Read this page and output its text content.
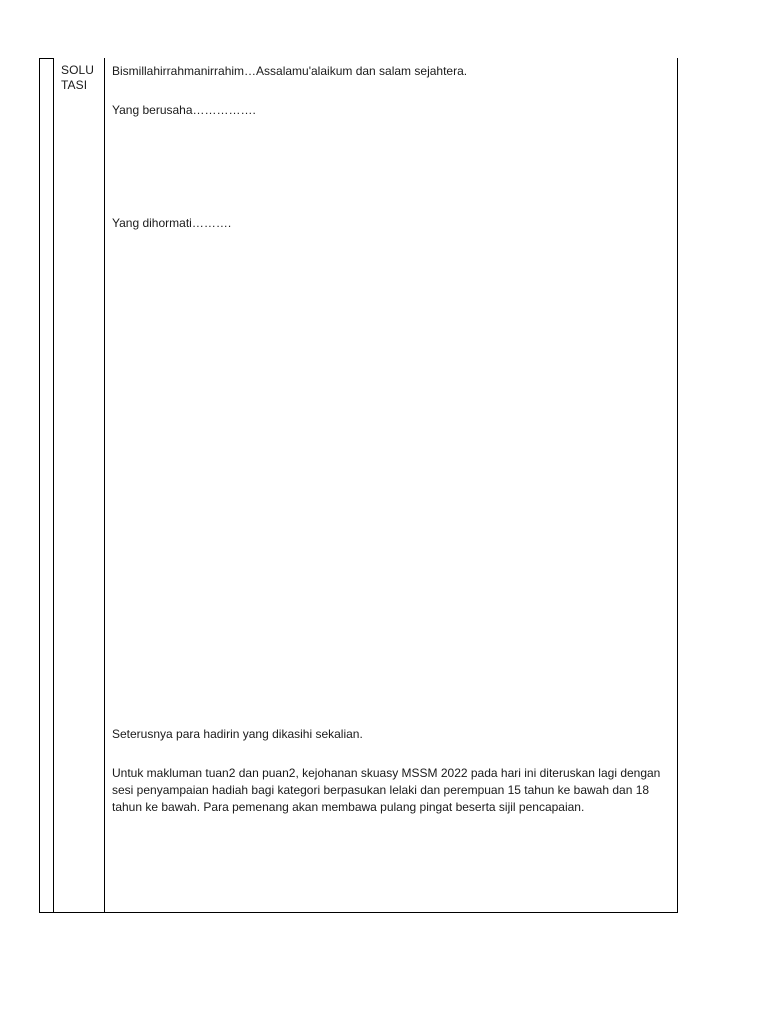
SOLU
TASI

Bismillahirrahmanirrahim…Assalamu'alaikum dan salam sejahtera.

Yang berusaha…………….

Yang dihormati……….

Seterusnya para hadirin yang dikasihi sekalian.

Untuk makluman tuan2 dan puan2, kejohanan skuasy MSSM 2022 pada hari ini diteruskan lagi dengan sesi penyampaian hadiah bagi kategori berpasukan lelaki dan perempuan 15 tahun ke bawah dan 18 tahun ke bawah. Para pemenang akan membawa pulang pingat beserta sijil pencapaian.
